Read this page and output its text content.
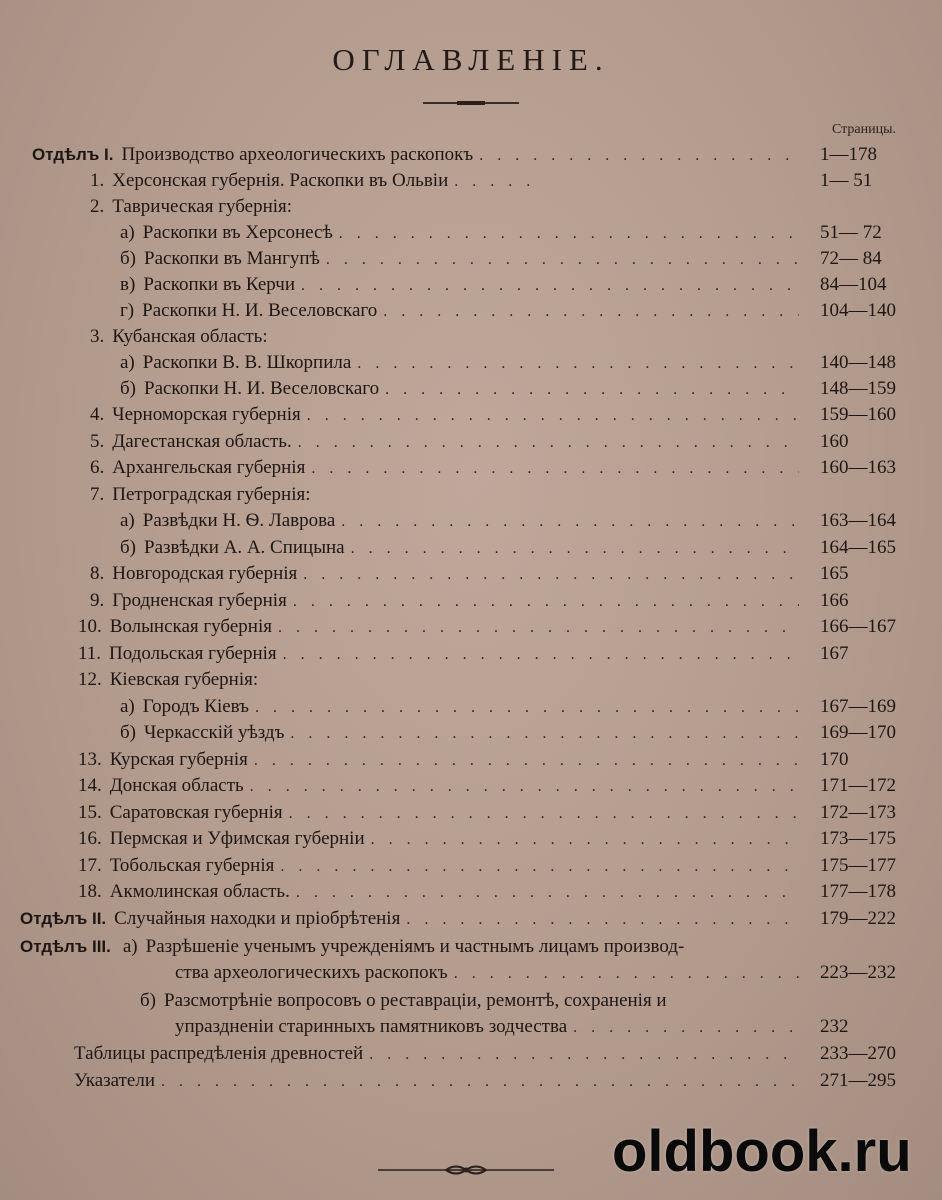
ОГЛАВЛЕНІЕ.
Страницы.
Отдѣлъ I. Производство археологическихъ раскопокъ . . .	1—178
1. Херсонская губернія. Раскопки въ Ольвіи . . .	1— 51
2. Таврическая губернія:
а) Раскопки въ Херсонесѣ . . .	51— 72
б) Раскопки въ Мангупѣ . . .	72— 84
в) Раскопки въ Керчи . . .	84—104
г) Раскопки Н. И. Веселовскаго . . .	104—140
3. Кубанская область:
а) Раскопки В. В. Шкорпила . . .	140—148
б) Раскопки Н. И. Веселовскаго . . .	148—159
4. Черноморская губернія . . .	159—160
5. Дагестанская область. . . .	160
6. Архангельская губернія . . .	160—163
7. Петроградская губернія:
а) Развѣдки Н. Ѳ. Лаврова . . .	163—164
б) Развѣдки А. А. Спицына . . .	164—165
8. Новгородская губернія . . .	165
9. Гродненская губернія . . .	166
10. Волынская губернія . . .	166—167
11. Подольская губернія . . .	167
12. Кіевская губернія:
а) Городъ Кіевъ . . .	167—169
б) Черкасскій уѣздъ . . .	169—170
13. Курская губернія . . .	170
14. Донская область . . .	171—172
15. Саратовская губернія . . .	172—173
16. Пермская и Уфимская губерніи . . .	173—175
17. Тобольская губернія . . .	175—177
18. Акмолинская область. . . .	177—178
Отдѣлъ II. Случайныя находки и пріобрѣтенія . . .	179—222
Отдѣлъ III. а) Разрѣшеніе ученымъ учрежденіямъ и частнымъ лицамъ производ-
ства археологическихъ раскопокъ . . .	223—232
б) Разсмотрѣніе вопросовъ о реставраціи, ремонтѣ, сохраненія и
упраздненіи старинныхъ памятниковъ зодчества . . .	232
Таблицы распредѣленія древностей . . .	233—270
Указатели . . .	271—295
oldbook.ru
